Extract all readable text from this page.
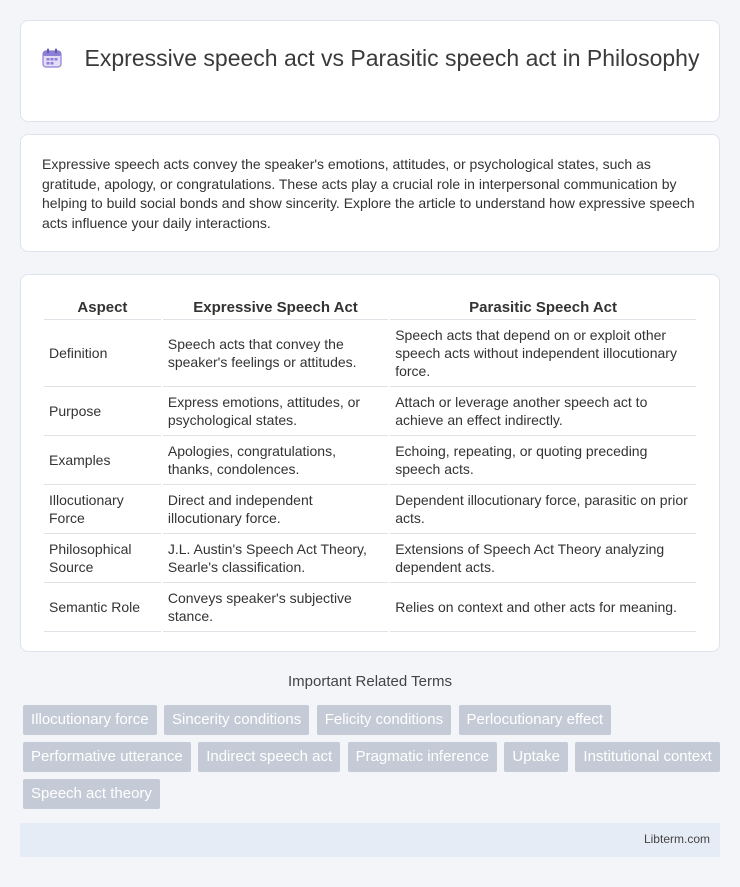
Expressive speech act vs Parasitic speech act in Philosophy

Expressive speech acts convey the speaker's emotions, attitudes, or psychological states, such as gratitude, apology, or congratulations. These acts play a crucial role in interpersonal communication by helping to build social bonds and show sincerity. Explore the article to understand how expressive speech acts influence your daily interactions.

Aspect	Expressive Speech Act	Parasitic Speech Act
Definition	Speech acts that convey the speaker's feelings or attitudes.	Speech acts that depend on or exploit other speech acts without independent illocutionary force.
Purpose	Express emotions, attitudes, or psychological states.	Attach or leverage another speech act to achieve an effect indirectly.
Examples	Apologies, congratulations, thanks, condolences.	Echoing, repeating, or quoting preceding speech acts.
Illocutionary Force	Direct and independent illocutionary force.	Dependent illocutionary force, parasitic on prior acts.
Philosophical Source	J.L. Austin's Speech Act Theory, Searle's classification.	Extensions of Speech Act Theory analyzing dependent acts.
Semantic Role	Conveys speaker's subjective stance.	Relies on context and other acts for meaning.
Important Related Terms
Illocutionary force Sincerity conditions Felicity conditions Perlocutionary effect Performative utterance Indirect speech act Pragmatic inference Uptake Institutional context Speech act theory
Libterm.com
